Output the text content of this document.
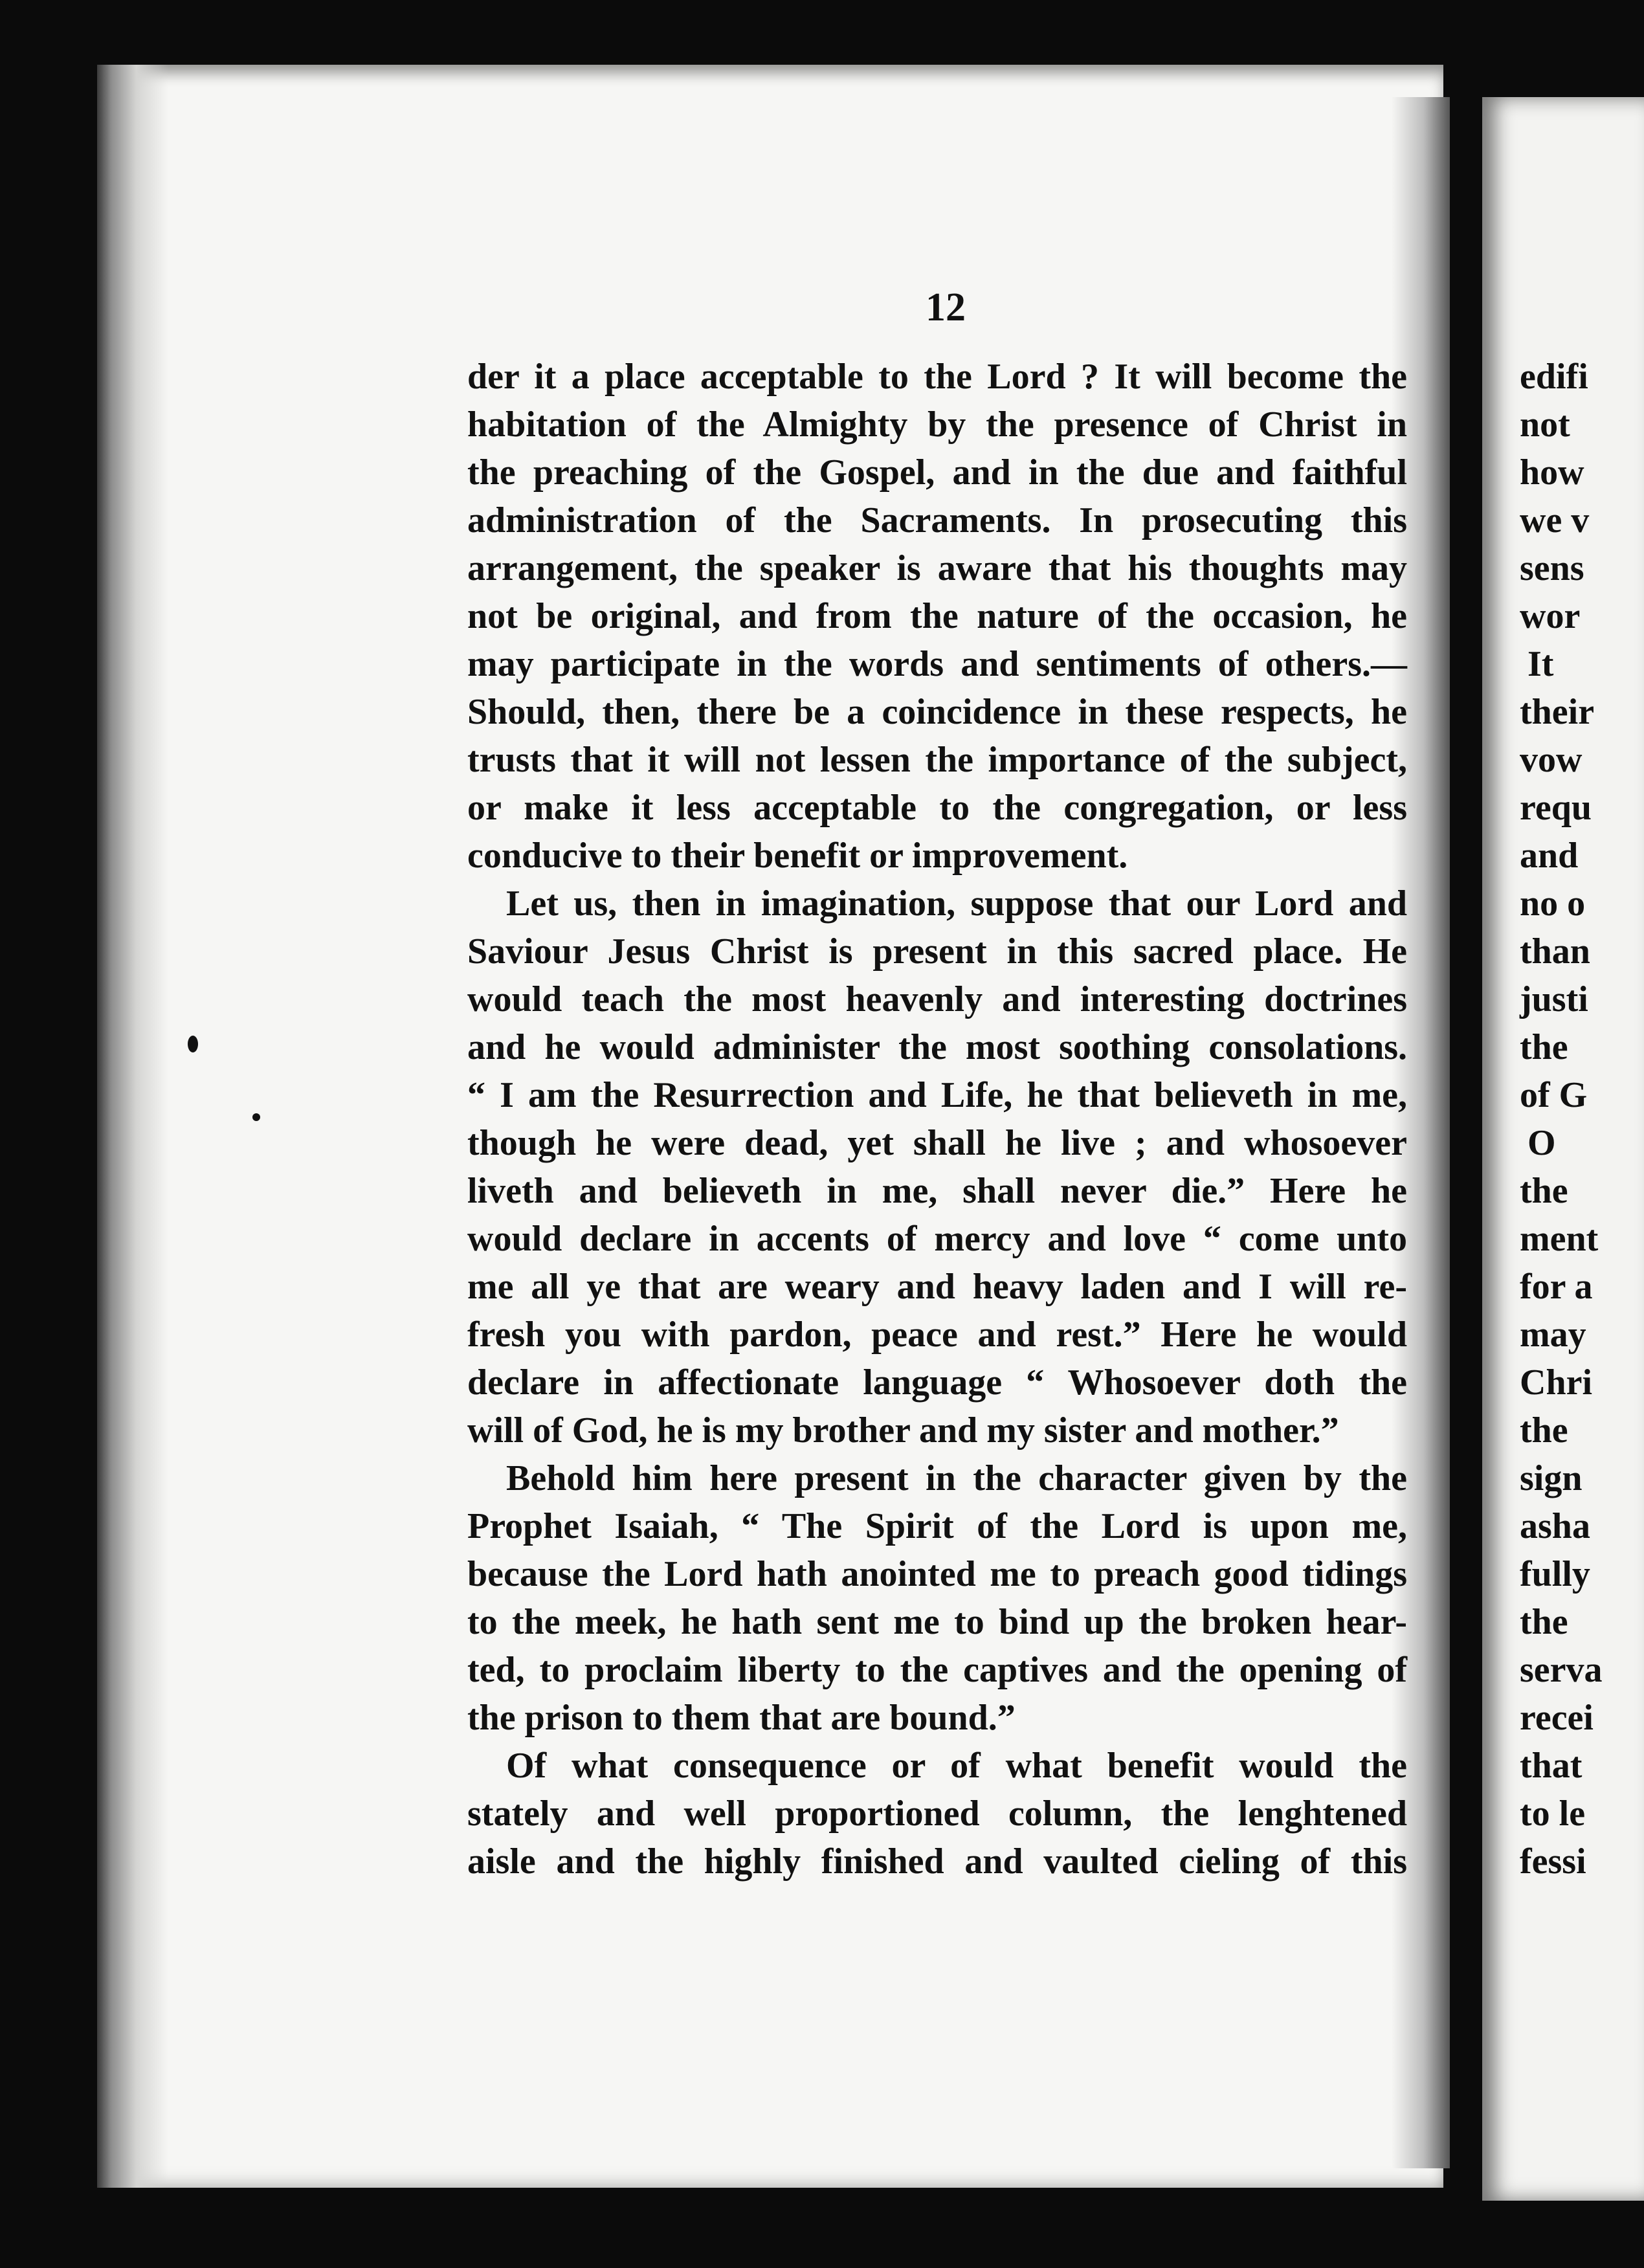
12
der it a place acceptable to the Lord ? It will become the
habitation of the Almighty by the presence of Christ in
the preaching of the Gospel, and in the due and faithful
administration of the Sacraments. In prosecuting this
arrangement, the speaker is aware that his thoughts may
not be original, and from the nature of the occasion, he
may participate in the words and sentiments of others.—
Should, then, there be a coincidence in these respects, he
trusts that it will not lessen the importance of the subject,
or make it less acceptable to the congregation, or less
conducive to their benefit or improvement.
Let us, then in imagination, suppose that our Lord and
Saviour Jesus Christ is present in this sacred place. He
would teach the most heavenly and interesting doctrines
and he would administer the most soothing consolations.
“ I am the Resurrection and Life, he that believeth in me,
though he were dead, yet shall he live ; and whosoever
liveth and believeth in me, shall never die.” Here he
would declare in accents of mercy and love “ come unto
me all ye that are weary and heavy laden and I will re-
fresh you with pardon, peace and rest.” Here he would
declare in affectionate language “ Whosoever doth the
will of God, he is my brother and my sister and mother.”
Behold him here present in the character given by the
Prophet Isaiah, “ The Spirit of the Lord is upon me,
because the Lord hath anointed me to preach good tidings
to the meek, he hath sent me to bind up the broken hear-
ted, to proclaim liberty to the captives and the opening of
the prison to them that are bound.”
Of what consequence or of what benefit would the
stately and well proportioned column, the lenghtened
aisle and the highly finished and vaulted cieling of this
edifi
not
how
we v
sens
wor
It
their
vow
requ
and
no o
than
justi
the
of G
O
the
ment
for a
may
Chri
the
sign
asha
fully
the
serva
recei
that
to le
fessi
